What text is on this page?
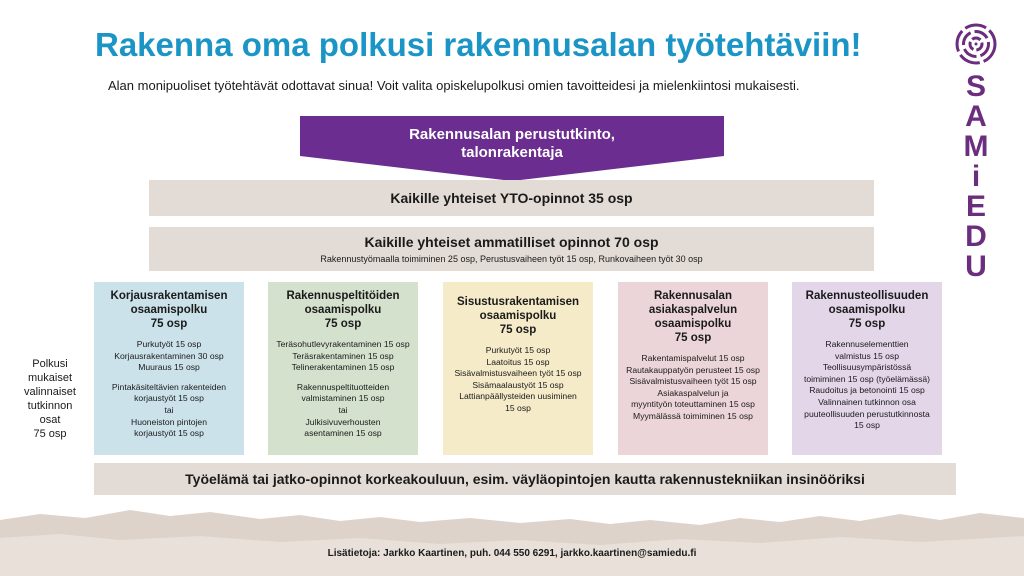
Rakenna oma polkusi rakennusalan työtehtäviin!
Alan monipuoliset työtehtävät odottavat sinua! Voit valita opiskelupolkusi omien tavoitteidesi ja mielenkiintosi mukaisesti.	S
A
M
i
E
D
U
Rakennusalan perustutkinto,
talonrakentaja
Kaikille yhteiset YTO-opinnot 35 osp
Kaikille yhteiset ammatilliset opinnot 70 osp
Rakennustyömaalla toimiminen 25 osp, Perustusvaiheen työt 15 osp, Runkovaiheen työt 30 osp
Polkusi
mukaiset
valinnaiset
tutkinnon
osat
75 osp
Korjausrakentamisen
osaamispolku
75 osp
Purkutyöt 15 osp
Korjausrakentaminen 30 osp
Muuraus 15 osp
Pintakäsiteltävien rakenteiden
korjaustyöt 15 osp
tai
Huoneiston pintojen
korjaustyöt 15 osp
Rakennuspeltitöiden
osaamispolku
75 osp
Teräsohutlevyrakentaminen 15 osp
Teräsrakentaminen 15 osp
Telinerakentaminen 15 osp
Rakennuspeltituotteiden
valmistaminen 15 osp
tai
Julkisivuverhousten
asentaminen 15 osp
Sisustusrakentamisen
osaamispolku
75 osp
Purkutyöt 15 osp
Laatoitus 15 osp
Sisävalmistusvaiheen työt 15 osp
Sisämaalaustyöt 15 osp
Lattianpäällysteiden uusiminen
15 osp
Rakennusalan
asiakaspalvelun
osaamispolku
75 osp
Rakentamispalvelut 15 osp
Rautakauppatyön perusteet 15 osp
Sisävalmistusvaiheen työt 15 osp
Asiakaspalvelun ja
myyntityön toteuttaminen 15 osp
Myymälässä toimiminen 15 osp
Rakennusteollisuuden
osaamispolku
75 osp
Rakennuselementtien
valmistus 15 osp
Teollisuusympäristössä
toimiminen 15 osp (työelämässä)
Raudoitus ja betonointi 15 osp
Valinnainen tutkinnon osa
puuteollisuuden perustutkinnosta
15 osp
Työelämä tai jatko-opinnot korkeakouluun, esim. väyläopintojen kautta rakennustekniikan insinööriksi
Lisätietoja: Jarkko Kaartinen, puh. 044 550 6291, jarkko.kaartinen@samiedu.fi
